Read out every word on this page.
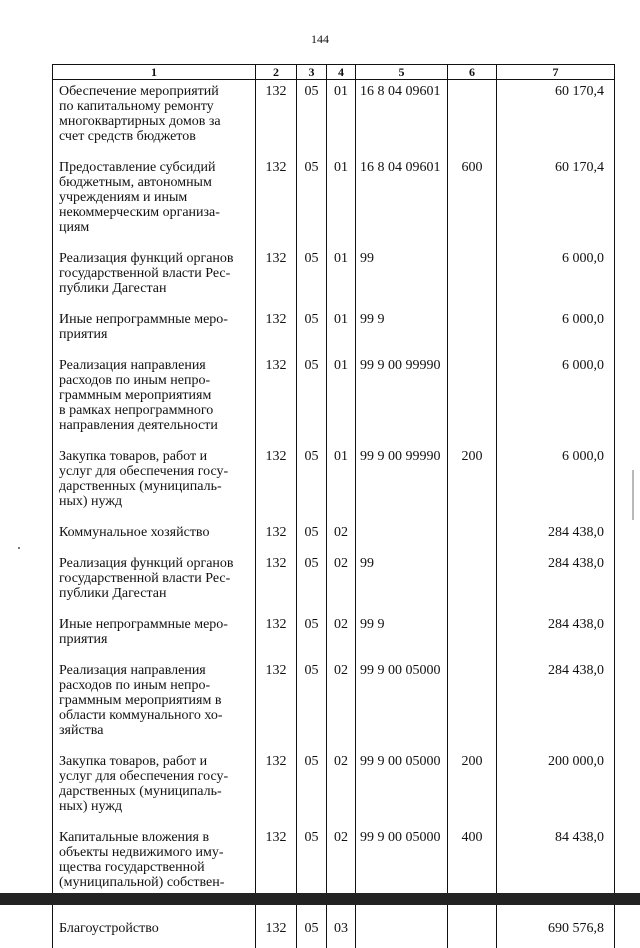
144
1	2	3	4	5	6	7

Обеспечение мероприятий
по капитальному ремонту
многоквартирных домов за
счет средств бюджетов	132	05	01	16 8 04 09601		60 170,4

Предоставление субсидий
бюджетным, автономным
учреждениям и иным
некоммерческим организа-
циям	132	05	01	16 8 04 09601	600	60 170,4

Реализация функций органов
государственной власти Рес-
публики Дагестан	132	05	01	99		6 000,0

Иные непрограммные меро-
приятия	132	05	01	99 9		6 000,0

Реализация направления
расходов по иным непро-
граммным мероприятиям
в рамках непрограммного
направления деятельности	132	05	01	99 9 00 99990		6 000,0

Закупка товаров, работ и
услуг для обеспечения госу-
дарственных (муниципаль-
ных) нужд	132	05	01	99 9 00 99990	200	6 000,0

Коммунальное хозяйство	132	05	02			284 438,0

Реализация функций органов
государственной власти Рес-
публики Дагестан	132	05	02	99		284 438,0

Иные непрограммные меро-
приятия	132	05	02	99 9		284 438,0

Реализация направления
расходов по иным непро-
граммным мероприятиям в
области коммунального хо-
зяйства	132	05	02	99 9 00 05000		284 438,0

Закупка товаров, работ и
услуг для обеспечения госу-
дарственных (муниципаль-
ных) нужд	132	05	02	99 9 00 05000	200	200 000,0

Капитальные вложения в
объекты недвижимого иму-
щества государственной
(муниципальной) собствен-	132	05	02	99 9 00 05000	400	84 438,0

Благоустройство	132	05	03			690 576,8
